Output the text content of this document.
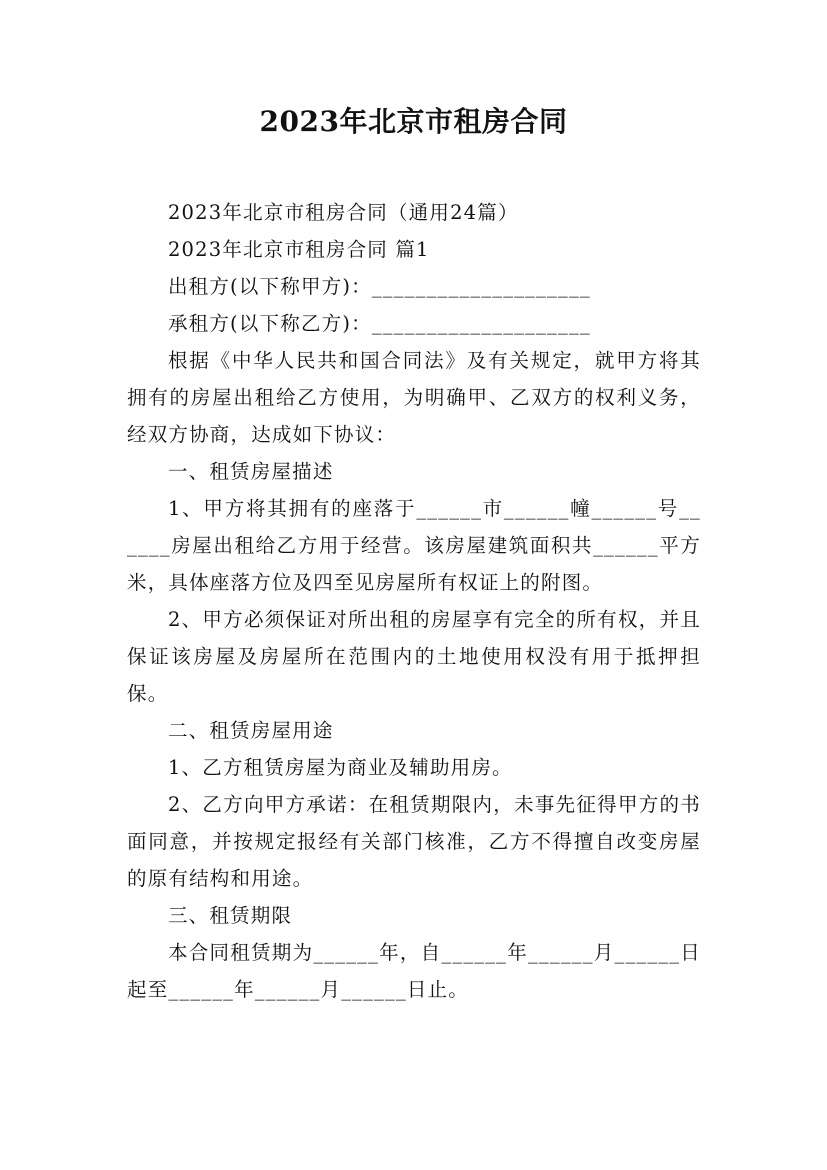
2023年北京市租房合同

2023年北京市租房合同（通用24篇）

2023年北京市租房合同 篇1

出租方(以下称甲方)：____________________

承租方(以下称乙方)：____________________

根据《中华人民共和国合同法》及有关规定，就甲方将其拥有的房屋出租给乙方使用，为明确甲、乙双方的权利义务，经双方协商，达成如下协议：

一、租赁房屋描述

1、甲方将其拥有的座落于______市______幢______号______房屋出租给乙方用于经营。该房屋建筑面积共______平方米，具体座落方位及四至见房屋所有权证上的附图。

2、甲方必须保证对所出租的房屋享有完全的所有权，并且保证该房屋及房屋所在范围内的土地使用权没有用于抵押担保。

二、租赁房屋用途

1、乙方租赁房屋为商业及辅助用房。

2、乙方向甲方承诺：在租赁期限内，未事先征得甲方的书面同意，并按规定报经有关部门核准，乙方不得擅自改变房屋的原有结构和用途。

三、租赁期限

本合同租赁期为______年，自______年______月______日起至______年______月______日止。
